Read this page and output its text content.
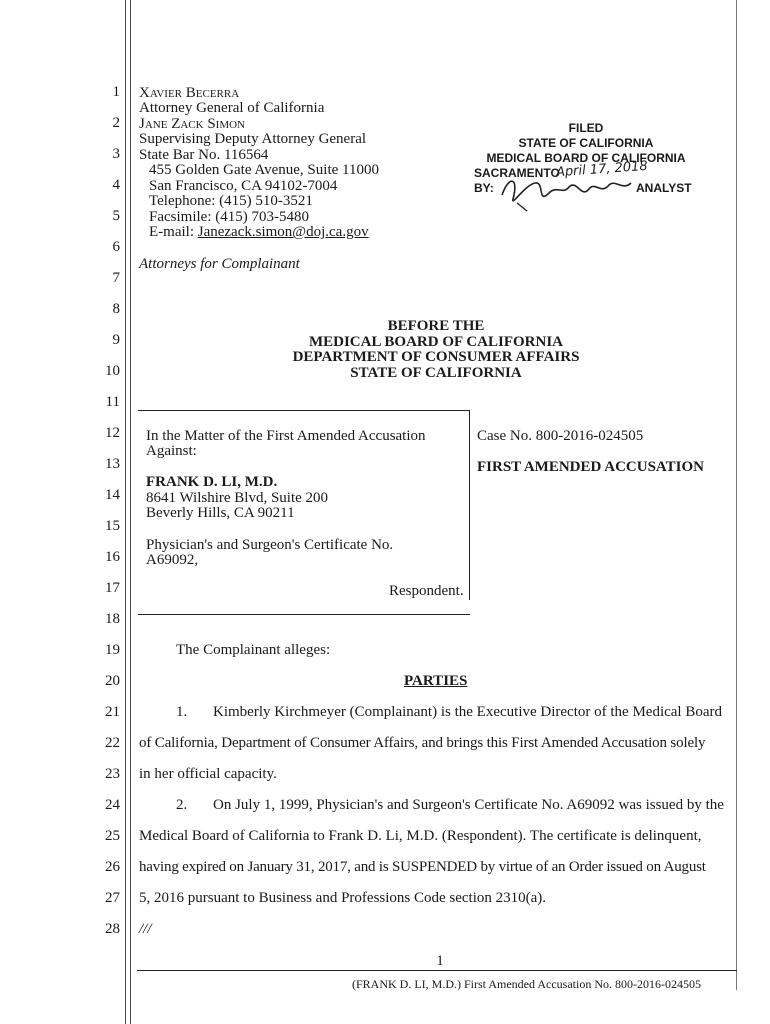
1
2
3
4
5
6
7
8
9
10
11
12
13
14
15
16
17
18
19
20
21
22
23
24
25
26
27
28
Xavier Becerra
Attorney General of California
Jane Zack Simon
Supervising Deputy Attorney General
State Bar No. 116564
455 Golden Gate Avenue, Suite 11000
San Francisco, CA 94102-7004
Telephone: (415) 510-3521
Facsimile: (415) 703-5480
E-mail: Janezack.simon@doj.ca.gov
Attorneys for Complainant
FILED
STATE OF CALIFORNIA
MEDICAL BOARD OF CALIFORNIA
SACRAMENTO
April 17, 2018
BY:	ANALYST
BEFORE THE
MEDICAL BOARD OF CALIFORNIA
DEPARTMENT OF CONSUMER AFFAIRS
STATE OF CALIFORNIA
In the Matter of the First Amended Accusation
Against:
FRANK D. LI, M.D.
8641 Wilshire Blvd, Suite 200
Beverly Hills, CA 90211
Physician's and Surgeon's Certificate No.
A69092,
Respondent.
Case No. 800-2016-024505
FIRST AMENDED ACCUSATION
The Complainant alleges:
PARTIES
1. Kimberly Kirchmeyer (Complainant) is the Executive Director of the Medical Board
of California, Department of Consumer Affairs, and brings this First Amended Accusation solely
in her official capacity.
2. On July 1, 1999, Physician's and Surgeon's Certificate No. A69092 was issued by the
Medical Board of California to Frank D. Li, M.D. (Respondent). The certificate is delinquent,
having expired on January 31, 2017, and is SUSPENDED by virtue of an Order issued on August
5, 2016 pursuant to Business and Professions Code section 2310(a).
///
1
(FRANK D. LI, M.D.) First Amended Accusation No. 800-2016-024505
